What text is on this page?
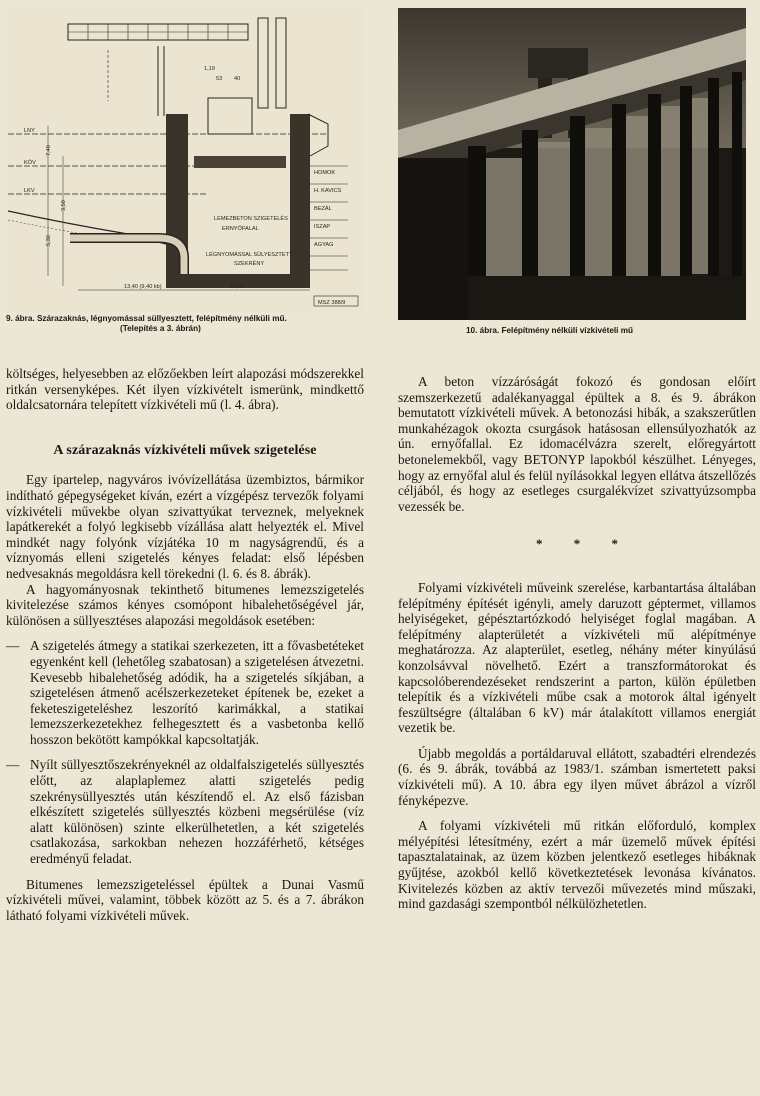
1,19
53 40
LNY
KÖV
LKV
7,40
3,50
5,30
HOMOK
H. KAVICS
BEZÁL
ISZAP
AGYAG
LEMEZBETON SZIGETELÉS
ERNYŐFALAL
LÉGNYOMÁSSAL SÜLYESZTETT
SZEKRÉNY
13,40 (9,40 kb)	14,05
MSZ 388/9
9. ábra. Szárazaknás, légnyomással süllyesztett, felépítmény nélküli mű.
(Telepítés a 3. ábrán)	10. ábra. Felépítmény nélküli vízkivételi mű

költséges, helyesebben az előzőekben leírt alapozási módszerekkel ritkán versenyképes. Két ilyen vízkivételt ismerünk, mindkettő oldalcsatornára telepített vízkivételi mű (l. 4. ábra).

A szárazaknás vízkivételi művek szigetelése

Egy ipartelep, nagyváros ivóvízellátása üzembiztos, bármikor indítható gépegységeket kíván, ezért a vízgépész tervezők folyami vízkivételi művekbe olyan szivattyúkat terveznek, melyeknek lapátkerekét a folyó legkisebb vízállása alatt helyezték el. Mivel mindkét nagy folyónk vízjátéka 10 m nagyságrendű, és a víznyomás elleni szigetelés kényes feladat: első lépésben nedvesaknás megoldásra kell törekedni (l. 6. és 8. ábrák).

A hagyományosnak tekinthető bitumenes lemezszigetelés kivitelezése számos kényes csomópont hibalehetőségével jár, különösen a süllyesztéses alapozási megoldások esetében:

— A szigetelés átmegy a statikai szerkezeten, itt a fővasbetéteket egyenként kell (lehetőleg szabatosan) a szigetelésen átvezetni. Kevesebb hibalehetőség adódik, ha a szigetelés síkjában, a szigetelésen átmenő acélszerkezeteket építenek be, ezeket a feketeszigeteléshez leszorító karimákkal, a statikai lemezszerkezetekhez felhegesztett és a vasbetonba kellő hosszon bekötött kampókkal kapcsoltatják.

— Nyílt süllyesztőszekrényeknél az oldalfalszigetelés süllyesztés előtt, az alaplaplemez alatti szigetelés pedig szekrénysüllyesztés után készítendő el. Az első fázisban elkészített szigetelés süllyesztés közbeni megsérülése (víz alatt különösen) szinte elkerülhetetlen, a két szigetelés csatlakozása, sarkokban nehezen hozzáférhető, kétséges eredményű feladat.

Bitumenes lemezszigeteléssel épültek a Dunai Vasmű vízkivételi művei, valamint, többek között az 5. és a 7. ábrákon látható folyami vízkivételi művek.

A beton vízzáróságát fokozó és gondosan előírt szemszerkezetű adalékanyaggal épültek a 8. és 9. ábrákon bemutatott vízkivételi művek. A betonozási hibák, a szakszerűtlen munkahézagok okozta csurgások hatásosan ellensúlyozhatók az ún. ernyőfallal. Ez idomacélvázra szerelt, előregyártott betonelemekből, vagy BETONYP lapokból készülhet. Lényeges, hogy az ernyőfal alul és felül nyílásokkal legyen ellátva átszellőzés céljából, és hogy az esetleges csurgalékvízet szivattyúzsompba vezessék be.

* * *

Folyami vízkivételi műveink szerelése, karbantartása általában felépítmény építését igényli, amely daruzott géptermet, villamos helyiségeket, gépésztartózkodó helyiséget foglal magában. A felépítmény alapterületét a vízkivételi mű alépítménye meghatározza. Az alapterület, esetleg, néhány méter kinyúlású konzolsávval növelhető. Ezért a transzformátorokat és kapcsolóberendezéseket rendszerint a parton, külön épületben telepítik és a vízkivételi műbe csak a motorok által igényelt feszültségre (általában 6 kV) már átalakított villamos energiát vezetik be.

Újabb megoldás a portáldaruval ellátott, szabadtéri elrendezés (6. és 9. ábrák, továbbá az 1983/1. számban ismertetett paksi vízkivételi mű). A 10. ábra egy ilyen művet ábrázol a vízről fényképezve.

A folyami vízkivételi mű ritkán előforduló, komplex mélyépítési létesítmény, ezért a már üzemelő művek építési tapasztalatainak, az üzem közben jelentkező esetleges hibáknak gyűjtése, azokból kellő következtetések levonása kívánatos. Kivitelezés közben az aktív tervezői művezetés mind műszaki, mind gazdasági szempontból nélkülözhetetlen.
